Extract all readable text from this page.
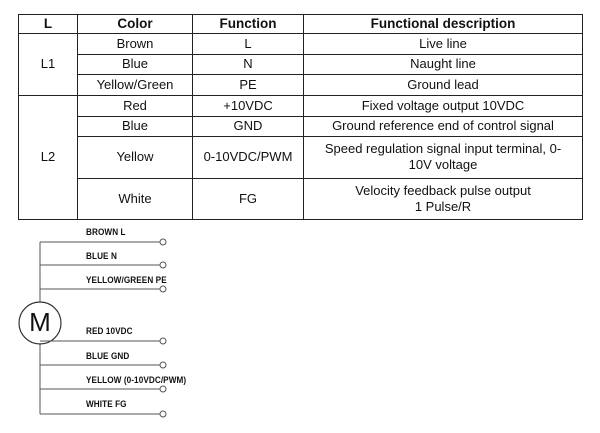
L	Color	Function	Functional description
L1	Brown	L	Live line
	Blue	N	Naught line
	Yellow/Green	PE	Ground lead
L2	Red	+10VDC	Fixed voltage output 10VDC
	Blue	GND	Ground reference end of control signal
	Yellow	0-10VDC/PWM	Speed regulation signal input terminal, 0-
10V voltage

	White	FG	Velocity feedback pulse output
1 Pulse/R
M
BROWN L
BLUE N
YELLOW/GREEN PE
RED 10VDC
BLUE GND
YELLOW (0-10VDC/PWM)
WHITE FG
